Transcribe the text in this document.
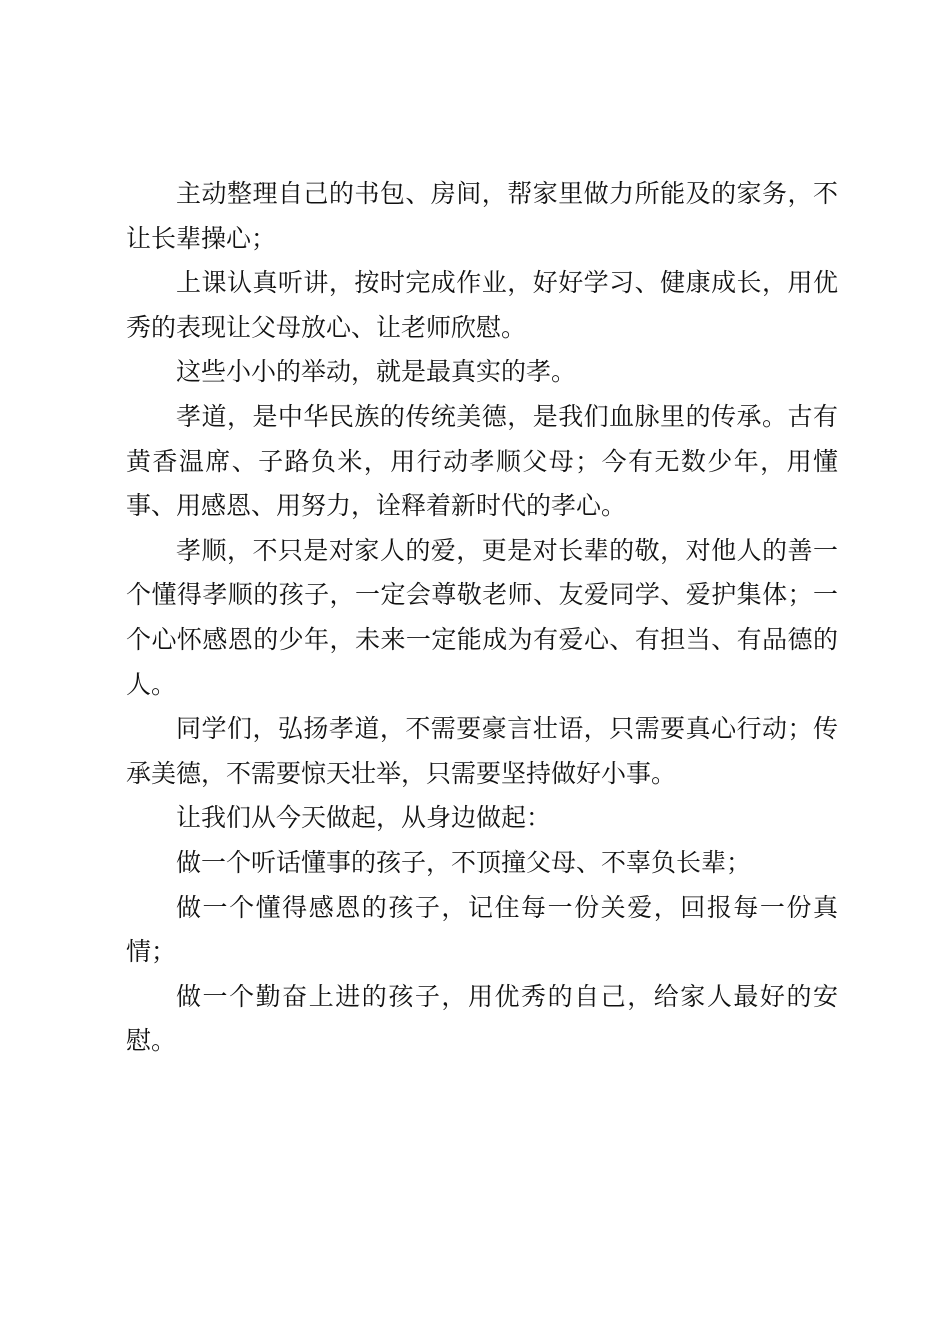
主动整理自己的书包、房间，帮家里做力所能及的家务，不让长辈操心；

上课认真听讲，按时完成作业，好好学习、健康成长，用优秀的表现让父母放心、让老师欣慰。

这些小小的举动，就是最真实的孝。

孝道，是中华民族的传统美德，是我们血脉里的传承。古有黄香温席、子路负米，用行动孝顺父母；今有无数少年，用懂事、用感恩、用努力，诠释着新时代的孝心。

孝顺，不只是对家人的爱，更是对长辈的敬，对他人的善一个懂得孝顺的孩子，一定会尊敬老师、友爱同学、爱护集体；一个心怀感恩的少年，未来一定能成为有爱心、有担当、有品德的人。

同学们，弘扬孝道，不需要豪言壮语，只需要真心行动；传承美德，不需要惊天壮举，只需要坚持做好小事。

让我们从今天做起，从身边做起：

做一个听话懂事的孩子，不顶撞父母、不辜负长辈；

做一个懂得感恩的孩子，记住每一份关爱，回报每一份真情；

做一个勤奋上进的孩子，用优秀的自己，给家人最好的安慰。
